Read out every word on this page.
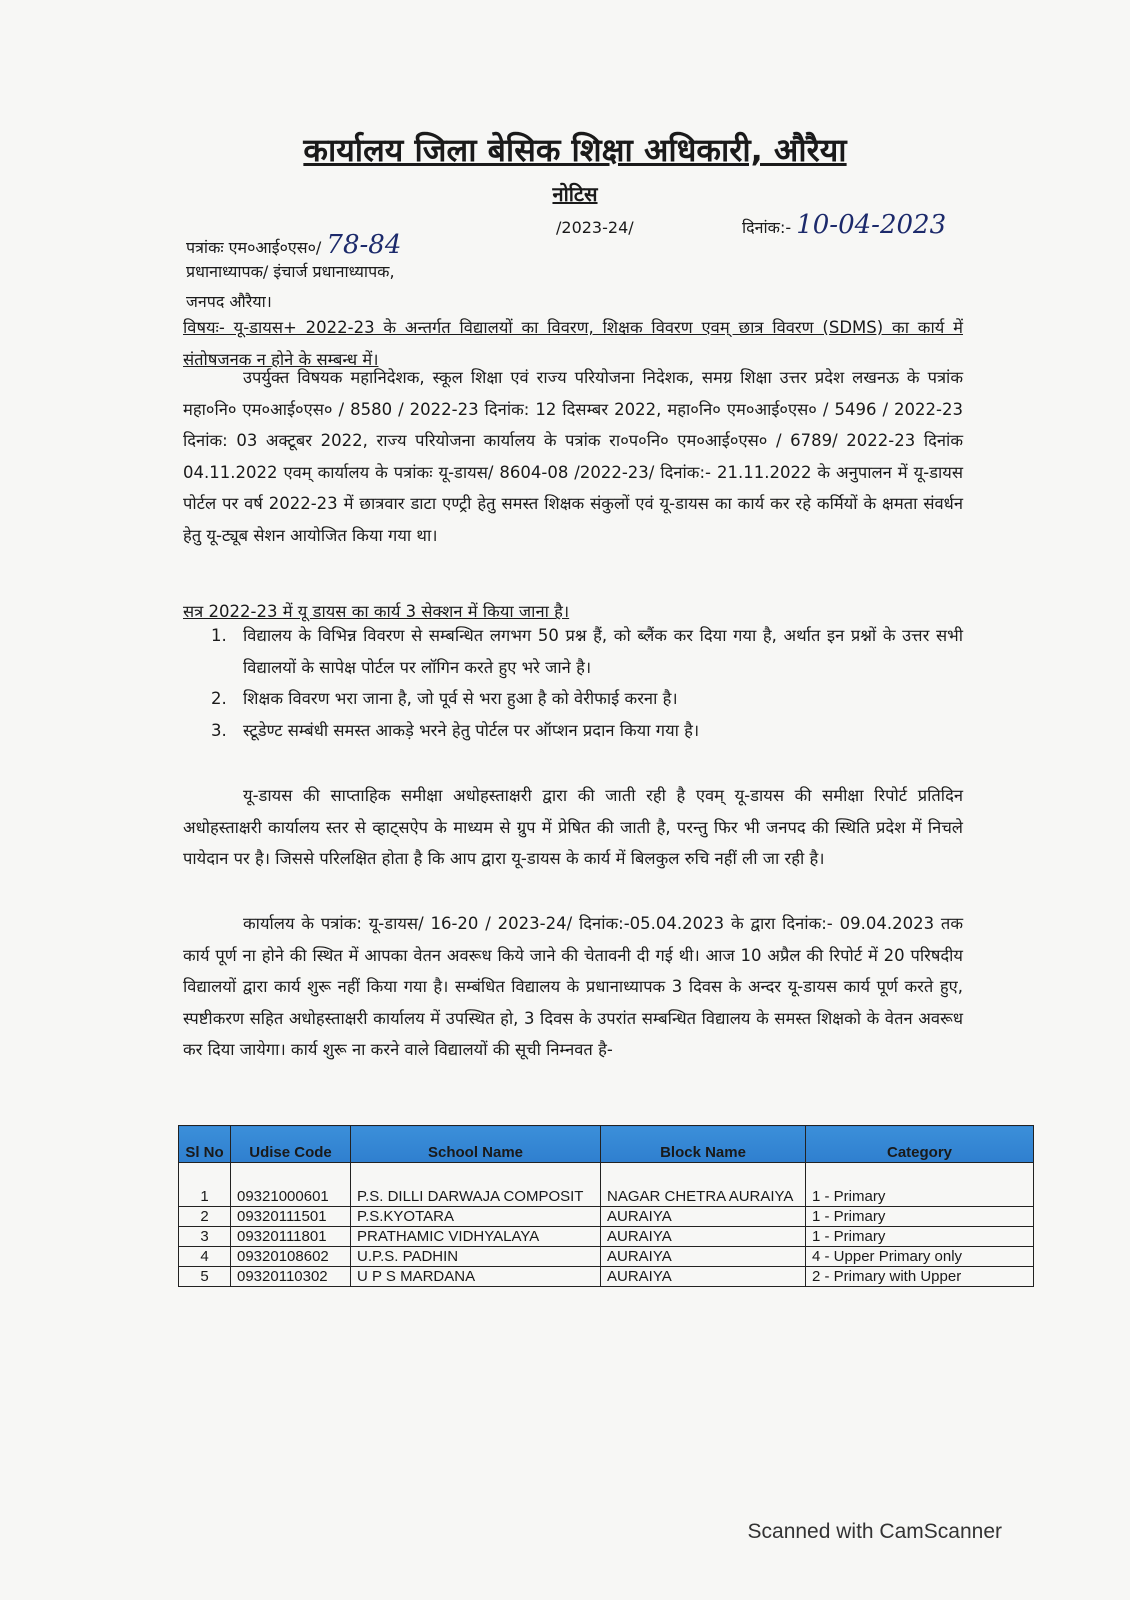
कार्यालय जिला बेसिक शिक्षा अधिकारी, औरैया
नोटिस
पत्रांकः एम०आई०एस०/ 78-84
/2023-24/	दिनांक:- 10-04-2023
प्रधानाध्यापक/ इंचार्ज प्रधानाध्यापक,
जनपद औरैया।
विषयः- यू-डायस+ 2022-23 के अन्तर्गत विद्यालयों का विवरण, शिक्षक विवरण एवम् छात्र विवरण (SDMS) का कार्य में संतोषजनक न होने के सम्बन्ध में।
उपर्युक्त विषयक महानिदेशक, स्कूल शिक्षा एवं राज्य परियोजना निदेशक, समग्र शिक्षा उत्तर प्रदेश लखनऊ के पत्रांक महा०नि० एम०आई०एस० / 8580 / 2022-23 दिनांक: 12 दिसम्बर 2022, महा०नि० एम०आई०एस० / 5496 / 2022-23 दिनांक: 03 अक्टूबर 2022, राज्य परियोजना कार्यालय के पत्रांक रा०प०नि० एम०आई०एस० / 6789/ 2022-23 दिनांक 04.11.2022 एवम् कार्यालय के पत्रांकः यू-डायस/ 8604-08 /2022-23/ दिनांक:- 21.11.2022 के अनुपालन में यू-डायस पोर्टल पर वर्ष 2022-23 में छात्रवार डाटा एण्ट्री हेतु समस्त शिक्षक संकुलों एवं यू-डायस का कार्य कर रहे कर्मियों के क्षमता संवर्धन हेतु यू-ट्यूब सेशन आयोजित किया गया था।
सत्र 2022-23 में यू डायस का कार्य 3 सेक्शन में किया जाना है।
1. विद्यालय के विभिन्न विवरण से सम्बन्धित लगभग 50 प्रश्न हैं, को ब्लैंक कर दिया गया है, अर्थात इन प्रश्नों के उत्तर सभी विद्यालयों के सापेक्ष पोर्टल पर लॉगिन करते हुए भरे जाने है।
2. शिक्षक विवरण भरा जाना है, जो पूर्व से भरा हुआ है को वेरीफाई करना है।
3. स्टूडेण्ट सम्बंधी समस्त आकड़े भरने हेतु पोर्टल पर ऑप्शन प्रदान किया गया है।
यू-डायस की साप्ताहिक समीक्षा अधोहस्ताक्षरी द्वारा की जाती रही है एवम् यू-डायस की समीक्षा रिपोर्ट प्रतिदिन अधोहस्ताक्षरी कार्यालय स्तर से व्हाट्सऐप के माध्यम से ग्रुप में प्रेषित की जाती है, परन्तु फिर भी जनपद की स्थिति प्रदेश में निचले पायेदान पर है। जिससे परिलक्षित होता है कि आप द्वारा यू-डायस के कार्य में बिलकुल रुचि नहीं ली जा रही है।
कार्यालय के पत्रांक: यू-डायस/ 16-20 / 2023-24/ दिनांक:-05.04.2023 के द्वारा दिनांक:- 09.04.2023 तक कार्य पूर्ण ना होने की स्थित में आपका वेतन अवरूध किये जाने की चेतावनी दी गई थी। आज 10 अप्रैल की रिपोर्ट में 20 परिषदीय विद्यालयों द्वारा कार्य शुरू नहीं किया गया है। सम्बंधित विद्यालय के प्रधानाध्यापक 3 दिवस के अन्दर यू-डायस कार्य पूर्ण करते हुए, स्पष्टीकरण सहित अधोहस्ताक्षरी कार्यालय में उपस्थित हो, 3 दिवस के उपरांत सम्बन्धित विद्यालय के समस्त शिक्षको के वेतन अवरूध कर दिया जायेगा। कार्य शुरू ना करने वाले विद्यालयों की सूची निम्नवत है-
Sl No	Udise Code	School Name	Block Name	Category
1	09321000601	P.S. DILLI DARWAJA COMPOSIT	NAGAR CHETRA AURAIYA	1 - Primary
2	09320111501	P.S.KYOTARA	AURAIYA	1 - Primary
3	09320111801	PRATHAMIC VIDHYALAYA	AURAIYA	1 - Primary
4	09320108602	U.P.S. PADHIN	AURAIYA	4 - Upper Primary only
5	09320110302	U P S MARDANA	AURAIYA	2 - Primary with Upper
Scanned with CamScanner
